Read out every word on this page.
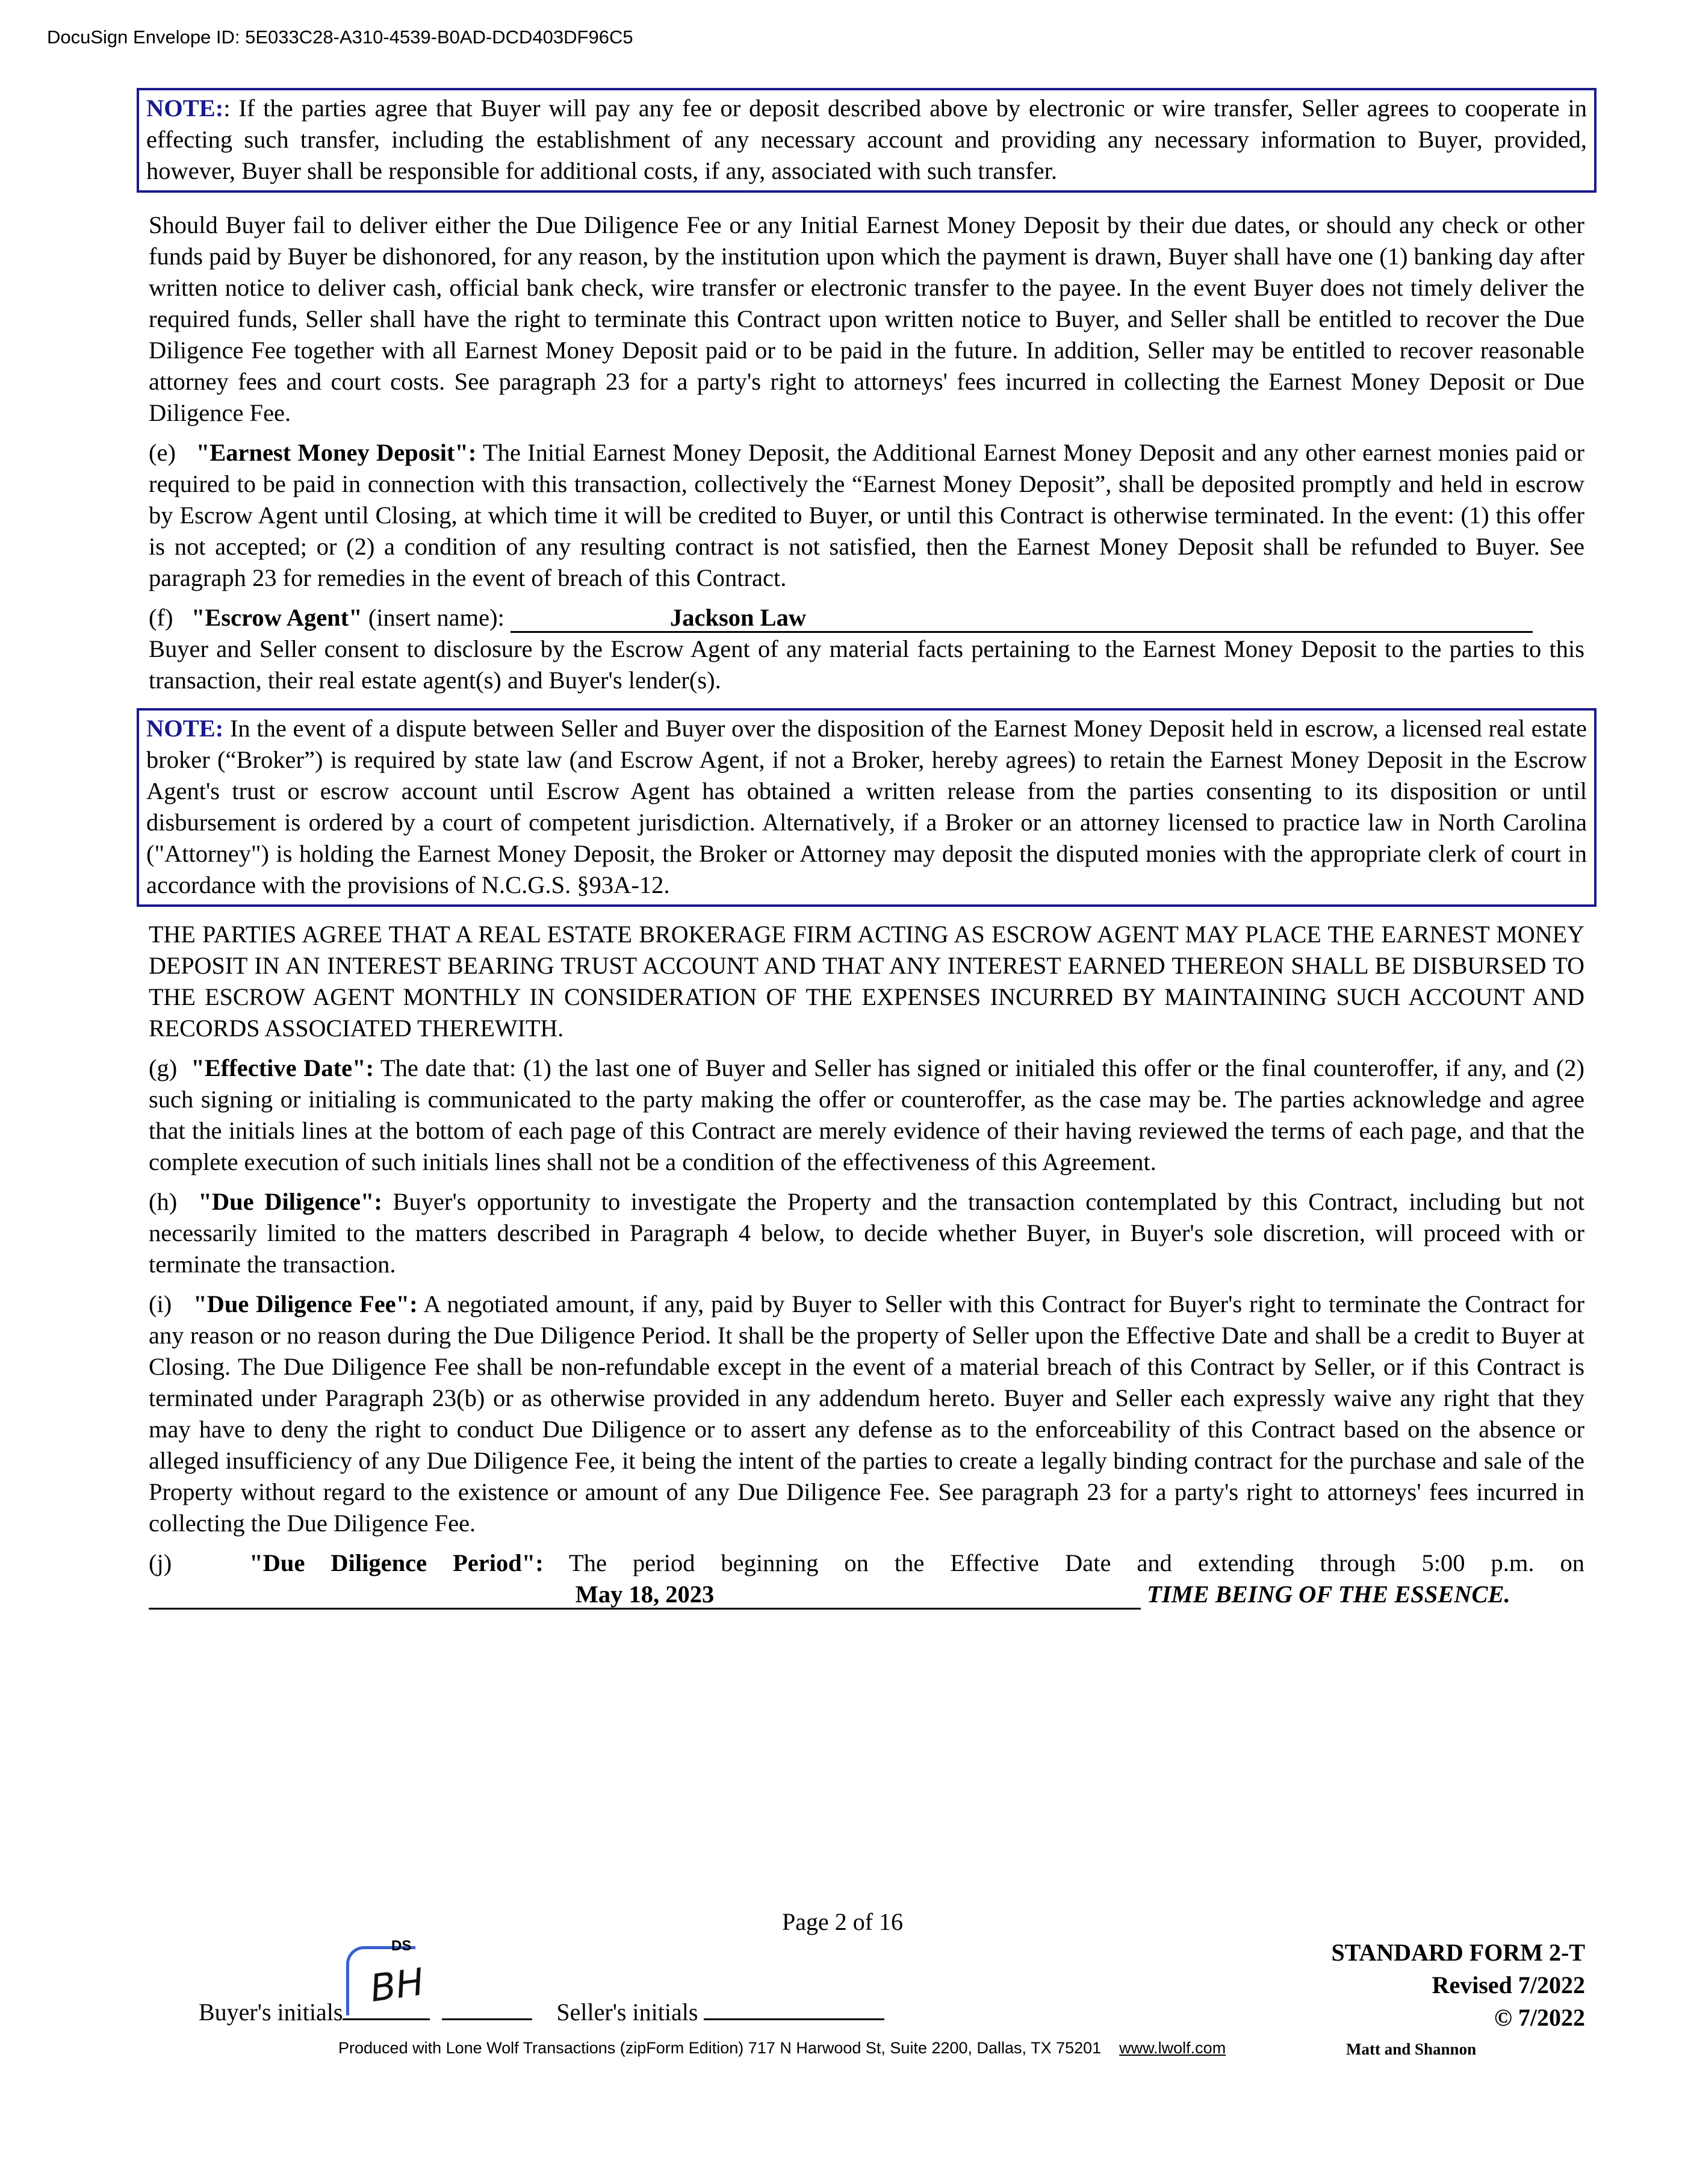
DocuSign Envelope ID: 5E033C28-A310-4539-B0AD-DCD403DF96C5

NOTE:: If the parties agree that Buyer will pay any fee or deposit described above by electronic or wire transfer, Seller agrees to cooperate in effecting such transfer, including the establishment of any necessary account and providing any necessary information to Buyer, provided, however, Buyer shall be responsible for additional costs, if any, associated with such transfer.

Should Buyer fail to deliver either the Due Diligence Fee or any Initial Earnest Money Deposit by their due dates, or should any check or other funds paid by Buyer be dishonored, for any reason, by the institution upon which the payment is drawn, Buyer shall have one (1) banking day after written notice to deliver cash, official bank check, wire transfer or electronic transfer to the payee. In the event Buyer does not timely deliver the required funds, Seller shall have the right to terminate this Contract upon written notice to Buyer, and Seller shall be entitled to recover the Due Diligence Fee together with all Earnest Money Deposit paid or to be paid in the future. In addition, Seller may be entitled to recover reasonable attorney fees and court costs. See paragraph 23 for a party's right to attorneys' fees incurred in collecting the Earnest Money Deposit or Due Diligence Fee.

(e) "Earnest Money Deposit": The Initial Earnest Money Deposit, the Additional Earnest Money Deposit and any other earnest monies paid or required to be paid in connection with this transaction, collectively the “Earnest Money Deposit”, shall be deposited promptly and held in escrow by Escrow Agent until Closing, at which time it will be credited to Buyer, or until this Contract is otherwise terminated. In the event: (1) this offer is not accepted; or (2) a condition of any resulting contract is not satisfied, then the Earnest Money Deposit shall be refunded to Buyer. See paragraph 23 for remedies in the event of breach of this Contract.

(f) "Escrow Agent" (insert name):	Jackson Law

Buyer and Seller consent to disclosure by the Escrow Agent of any material facts pertaining to the Earnest Money Deposit to the parties to this transaction, their real estate agent(s) and Buyer's lender(s).

NOTE: In the event of a dispute between Seller and Buyer over the disposition of the Earnest Money Deposit held in escrow, a licensed real estate broker (“Broker”) is required by state law (and Escrow Agent, if not a Broker, hereby agrees) to retain the Earnest Money Deposit in the Escrow Agent's trust or escrow account until Escrow Agent has obtained a written release from the parties consenting to its disposition or until disbursement is ordered by a court of competent jurisdiction. Alternatively, if a Broker or an attorney licensed to practice law in North Carolina ("Attorney") is holding the Earnest Money Deposit, the Broker or Attorney may deposit the disputed monies with the appropriate clerk of court in accordance with the provisions of N.C.G.S. §93A-12.

THE PARTIES AGREE THAT A REAL ESTATE BROKERAGE FIRM ACTING AS ESCROW AGENT MAY PLACE THE EARNEST MONEY DEPOSIT IN AN INTEREST BEARING TRUST ACCOUNT AND THAT ANY INTEREST EARNED THEREON SHALL BE DISBURSED TO THE ESCROW AGENT MONTHLY IN CONSIDERATION OF THE EXPENSES INCURRED BY MAINTAINING SUCH ACCOUNT AND RECORDS ASSOCIATED THEREWITH.

(g) "Effective Date": The date that: (1) the last one of Buyer and Seller has signed or initialed this offer or the final counteroffer, if any, and (2) such signing or initialing is communicated to the party making the offer or counteroffer, as the case may be. The parties acknowledge and agree that the initials lines at the bottom of each page of this Contract are merely evidence of their having reviewed the terms of each page, and that the complete execution of such initials lines shall not be a condition of the effectiveness of this Agreement.

(h) "Due Diligence": Buyer's opportunity to investigate the Property and the transaction contemplated by this Contract, including but not necessarily limited to the matters described in Paragraph 4 below, to decide whether Buyer, in Buyer's sole discretion, will proceed with or terminate the transaction.

(i) "Due Diligence Fee": A negotiated amount, if any, paid by Buyer to Seller with this Contract for Buyer's right to terminate the Contract for any reason or no reason during the Due Diligence Period. It shall be the property of Seller upon the Effective Date and shall be a credit to Buyer at Closing. The Due Diligence Fee shall be non-refundable except in the event of a material breach of this Contract by Seller, or if this Contract is terminated under Paragraph 23(b) or as otherwise provided in any addendum hereto. Buyer and Seller each expressly waive any right that they may have to deny the right to conduct Due Diligence or to assert any defense as to the enforceability of this Contract based on the absence or alleged insufficiency of any Due Diligence Fee, it being the intent of the parties to create a legally binding contract for the purchase and sale of the Property without regard to the existence or amount of any Due Diligence Fee. See paragraph 23 for a party's right to attorneys' fees incurred in collecting the Due Diligence Fee.

(j)	"Due Diligence Period": The period beginning on the Effective Date and extending through 5:00 p.m. on

May 18, 2023	TIME BEING OF THE ESSENCE.

Page 2 of 16
STANDARD FORM 2-T
Revised 7/2022
© 7/2022
DS
BH
Buyer's initials	Seller's initials
Produced with Lone Wolf Transactions (zipForm Edition) 717 N Harwood St, Suite 2200, Dallas, TX 75201 www.lwolf.com	Matt and Shannon
